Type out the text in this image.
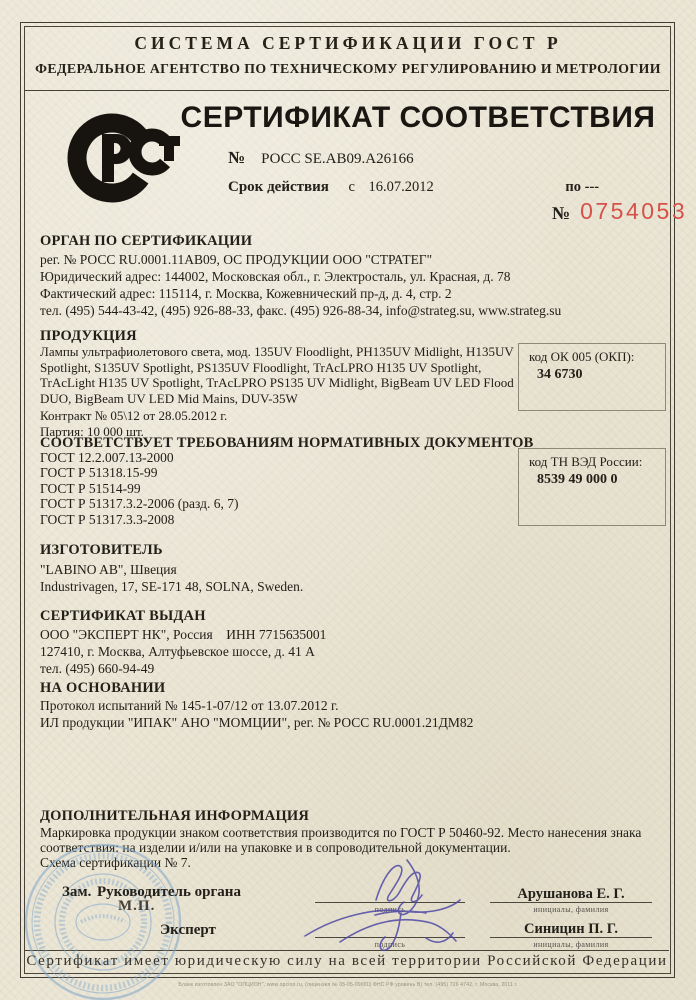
СИСТЕМА СЕРТИФИКАЦИИ ГОСТ Р
ФЕДЕРАЛЬНОЕ АГЕНТСТВО ПО ТЕХНИЧЕСКОМУ РЕГУЛИРОВАНИЮ И МЕТРОЛОГИИ
СЕРТИФИКАТ СООТВЕТСТВИЯ
№ РОСС SE.AB09.A26166
Срок действия с 16.07.2012	по ---
№ 0754053
ОРГАН ПО СЕРТИФИКАЦИИ
рег. № РОСС RU.0001.11АВ09, ОС ПРОДУКЦИИ ООО "СТРАТЕГ"
Юридический адрес: 144002, Московская обл., г. Электросталь, ул. Красная, д. 78
Фактический адрес: 115114, г. Москва, Кожевнический пр-д, д. 4, стр. 2
тел. (495) 544-43-42, (495) 926-88-33, факс. (495) 926-88-34, info@strateg.su, www.strateg.su
ПРОДУКЦИЯ
Лампы ультрафиолетового света, мод. 135UV Floodlight, PH135UV Midlight, H135UV Spotlight, S135UV Spotlight, PS135UV Floodlight, TrAcLPRO H135 UV Spotlight, TrAcLight H135 UV Spotlight, TrAcLPRO PS135 UV Midlight, BigBeam UV LED Flood DUO, BigBeam UV LED Mid Mains, DUV-35W
Контракт № 05\12 от 28.05.2012 г.
Партия: 10 000 шт.
код ОК 005 (ОКП):
34 6730
СООТВЕТСТВУЕТ ТРЕБОВАНИЯМ НОРМАТИВНЫХ ДОКУМЕНТОВ
ГОСТ 12.2.007.13-2000
ГОСТ Р 51318.15-99
ГОСТ Р 51514-99
ГОСТ Р 51317.3.2-2006 (разд. 6, 7)
ГОСТ Р 51317.3.3-2008
код ТН ВЭД России:
8539 49 000 0
ИЗГОТОВИТЕЛЬ
"LABINO AB", Швеция
Industrivagen, 17, SE-171 48, SOLNA, Sweden.
СЕРТИФИКАТ ВЫДАН
ООО "ЭКСПЕРТ НК", Россия    ИНН 7715635001
127410, г. Москва, Алтуфьевское шоссе, д. 41 А
тел. (495) 660-94-49
НА ОСНОВАНИИ
Протокол испытаний № 145-1-07/12 от 13.07.2012 г.
ИЛ продукции "ИПАК" АНО "МОМЦИИ", рег. № РОСС RU.0001.21ДМ82
ДОПОЛНИТЕЛЬНАЯ ИНФОРМАЦИЯ
Маркировка продукции знаком соответствия производится по ГОСТ Р 50460-92. Место нанесения знака соответствия: на изделии и/или на упаковке и в сопроводительной документации.
Схема сертификации № 7.
М.П.
Зам. Руководитель органа
подпись
Арушанова Е. Г.
инициалы, фамилия
Эксперт
подпись
Синицин П. Г.
инициалы, фамилия
Сертификат имеет юридическую силу на всей территории Российской Федерации
Бланк изготовлен ЗАО "ОПЦИОН", www.opcion.ru, (лицензия № 05-05-09/003 ФНС РФ уровень В) тел. (495) 726 4742, г. Москва, 2011 г.
